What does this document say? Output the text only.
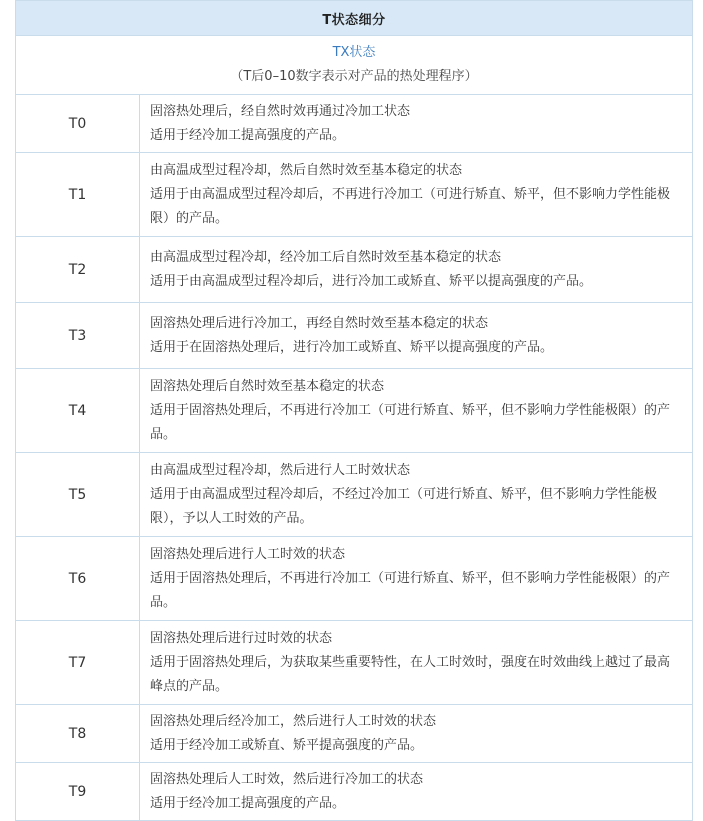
T状态细分	

TX状态
（T后0–10数字表示对产品的热处理程序）	

T0	固溶热处理后，经自然时效再通过冷加工状态
适用于经冷加工提高强度的产品。

T1	由高温成型过程冷却，然后自然时效至基本稳定的状态
适用于由高温成型过程冷却后，不再进行冷加工（可进行矫直、矫平，但不影响力学性能极限）的产品。

T2	由高温成型过程冷却，经冷加工后自然时效至基本稳定的状态
适用于由高温成型过程冷却后，进行冷加工或矫直、矫平以提高强度的产品。

T3	固溶热处理后进行冷加工，再经自然时效至基本稳定的状态
适用于在固溶热处理后，进行冷加工或矫直、矫平以提高强度的产品。

T4	固溶热处理后自然时效至基本稳定的状态
适用于固溶热处理后，不再进行冷加工（可进行矫直、矫平，但不影响力学性能极限）的产品。

T5	由高温成型过程冷却，然后进行人工时效状态
适用于由高温成型过程冷却后，不经过冷加工（可进行矫直、矫平，但不影响力学性能极限），予以人工时效的产品。

T6	固溶热处理后进行人工时效的状态
适用于固溶热处理后，不再进行冷加工（可进行矫直、矫平，但不影响力学性能极限）的产品。

T7	固溶热处理后进行过时效的状态
适用于固溶热处理后，为获取某些重要特性，在人工时效时，强度在时效曲线上越过了最高峰点的产品。

T8	固溶热处理后经冷加工，然后进行人工时效的状态
适用于经冷加工或矫直、矫平提高强度的产品。

T9	固溶热处理后人工时效，然后进行冷加工的状态
适用于经冷加工提高强度的产品。
